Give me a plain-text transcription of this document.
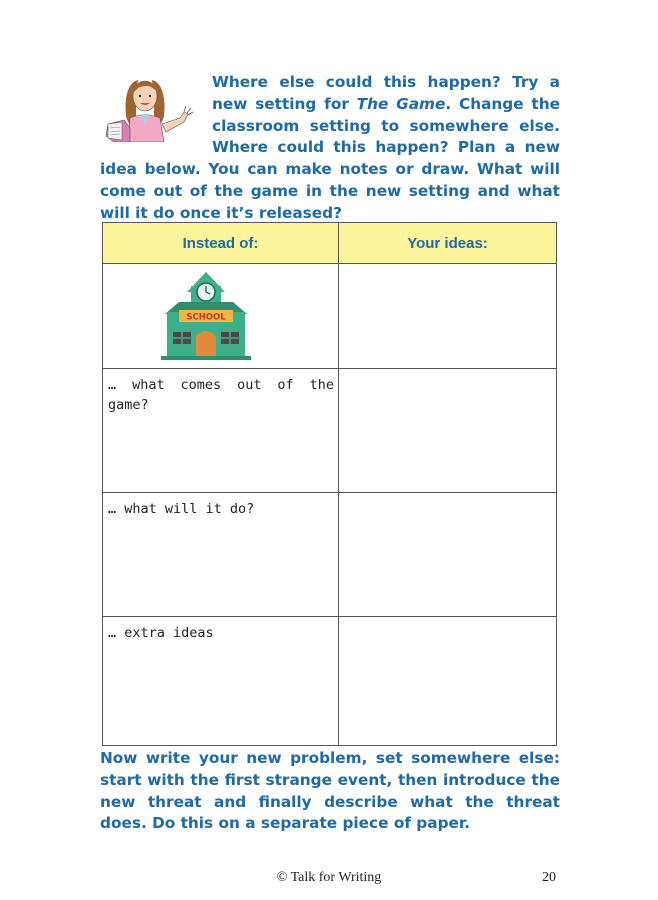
Where else could this happen? Try a new setting for The Game. Change the classroom setting to somewhere else. Where could this happen? Plan a new idea below. You can make notes or draw. What will come out of the game in the new setting and what will it do once it’s released?

Instead of:	Your ideas:

SCHOOL	

… what comes out of the game?	

… what will it do?	

… extra ideas	

Now write your new problem, set somewhere else: start with the first strange event, then introduce the new threat and finally describe what the threat does. Do this on a separate piece of paper.

© Talk for Writing	20
